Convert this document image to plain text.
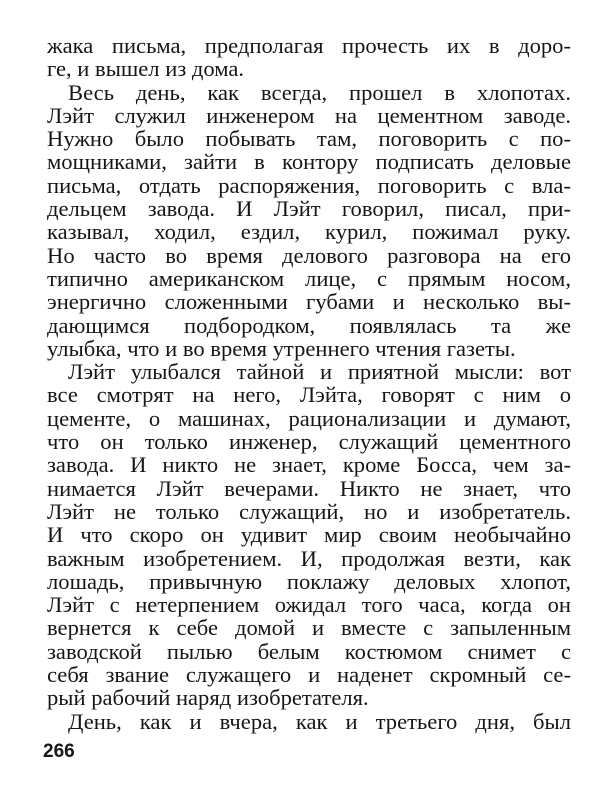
жака письма, предполагая прочесть их в доро-
ге, и вышел из дома.
Весь день, как всегда, прошел в хлопотах.
Лэйт служил инженером на цементном заводе.
Нужно было побывать там, поговорить с по-
мощниками, зайти в контору подписать деловые
письма, отдать распоряжения, поговорить с вла-
дельцем завода. И Лэйт говорил, писал, при-
казывал, ходил, ездил, курил, пожимал руку.
Но часто во время делового разговора на его
типично американском лице, с прямым носом,
энергично сложенными губами и несколько вы-
дающимся подбородком, появлялась та же
улыбка, что и во время утреннего чтения газеты.
Лэйт улыбался тайной и приятной мысли: вот
все смотрят на него, Лэйта, говорят с ним о
цементе, о машинах, рационализации и думают,
что он только инженер, служащий цементного
завода. И никто не знает, кроме Босса, чем за-
нимается Лэйт вечерами. Никто не знает, что
Лэйт не только служащий, но и изобретатель.
И что скоро он удивит мир своим необычайно
важным изобретением. И, продолжая везти, как
лошадь, привычную поклажу деловых хлопот,
Лэйт с нетерпением ожидал того часа, когда он
вернется к себе домой и вместе с запыленным
заводской пылью белым костюмом снимет с
себя звание служащего и наденет скромный се-
рый рабочий наряд изобретателя.
День, как и вчера, как и третьего дня, был
266
